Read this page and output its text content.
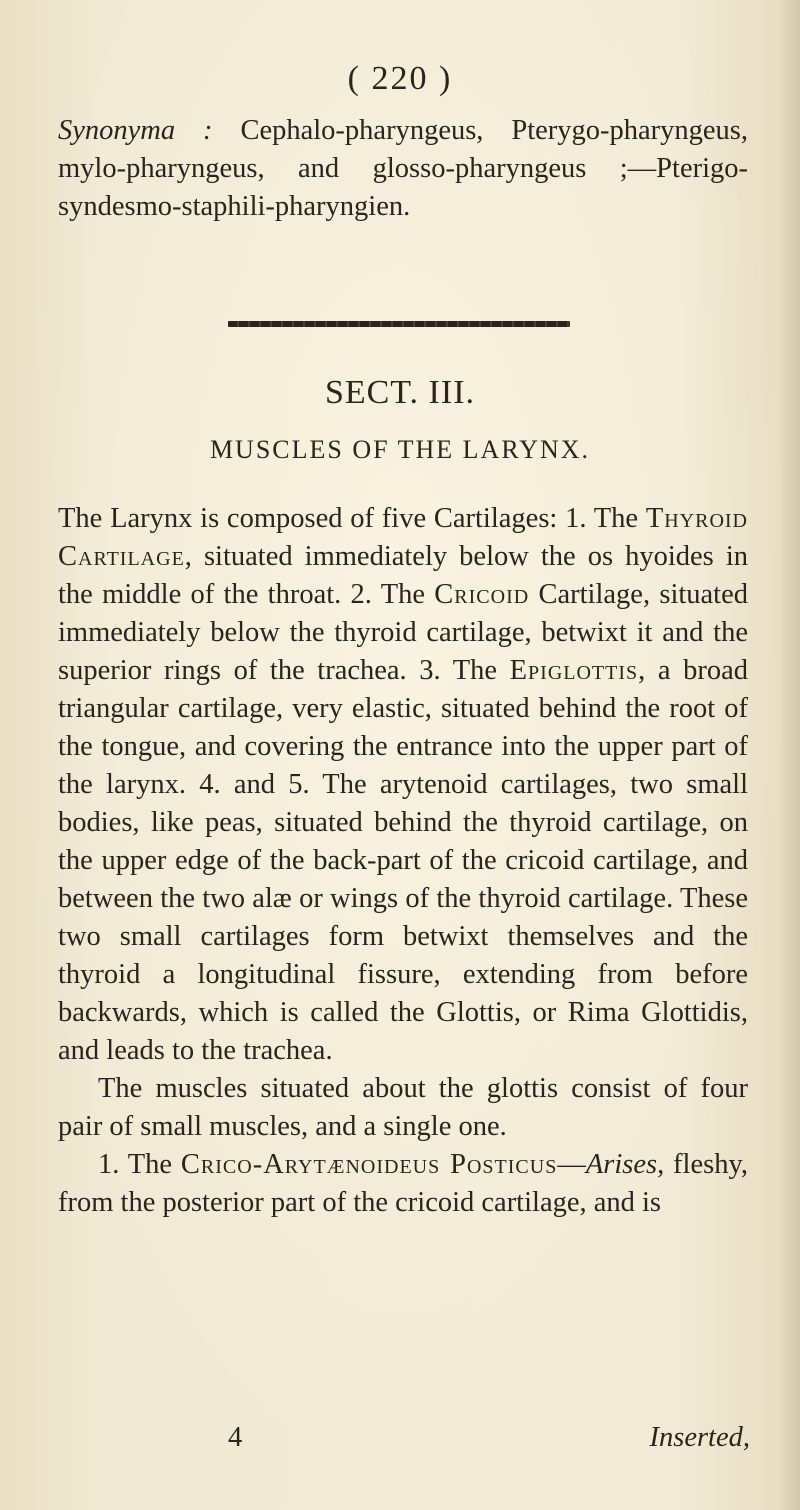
( 220 )

Synonyma : Cephalo-pharyngeus, Pterygo-pharyngeus, mylo-pharyngeus, and glosso-pharyngeus ;—Pterigo-syndesmo-staphili-pharyngien.

SECT. III.
MUSCLES OF THE LARYNX.

The Larynx is composed of five Cartilages: 1. The Thyroid Cartilage, situated immediately below the os hyoides in the middle of the throat. 2. The Cricoid Cartilage, situated immediately below the thyroid cartilage, betwixt it and the superior rings of the trachea. 3. The Epiglottis, a broad triangular cartilage, very elastic, situated behind the root of the tongue, and covering the entrance into the upper part of the larynx. 4. and 5. The arytenoid cartilages, two small bodies, like peas, situated behind the thyroid cartilage, on the upper edge of the back-part of the cricoid cartilage, and between the two alæ or wings of the thyroid cartilage. These two small cartilages form betwixt themselves and the thyroid a longitudinal fissure, extending from before backwards, which is called the Glottis, or Rima Glottidis, and leads to the trachea.

The muscles situated about the glottis consist of four pair of small muscles, and a single one.

1. The Crico-Arytænoideus Posticus—Arises, fleshy, from the posterior part of the cricoid cartilage, and is

4	Inserted,
